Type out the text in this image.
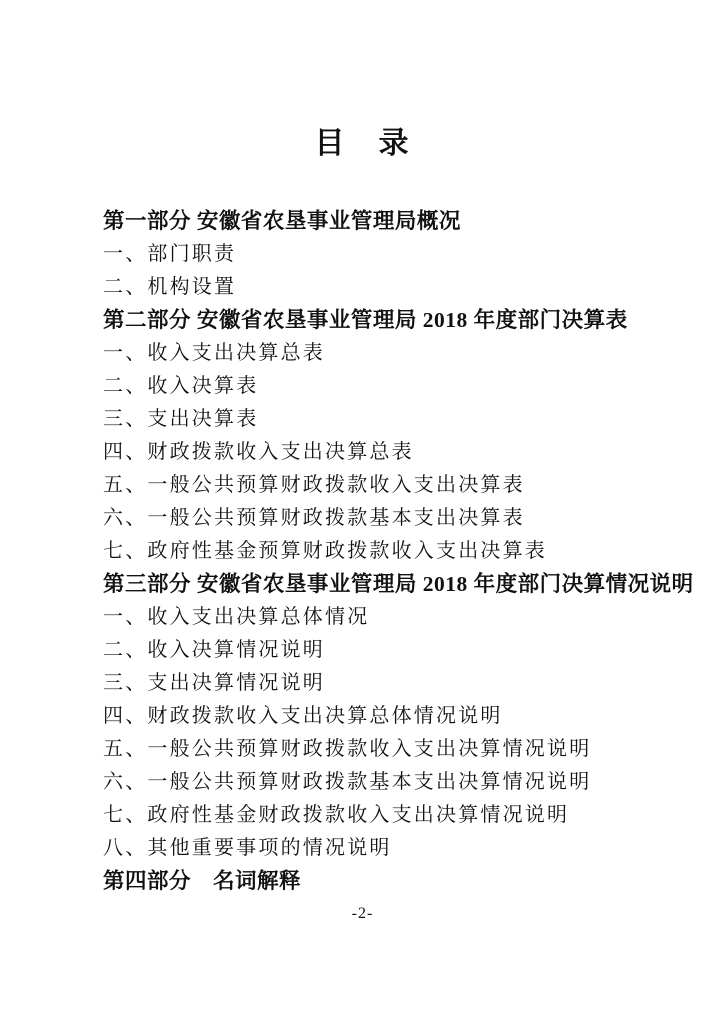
目　录
第一部分 安徽省农垦事业管理局概况
一、部门职责
二、机构设置
第二部分 安徽省农垦事业管理局 2018 年度部门决算表
一、收入支出决算总表
二、收入决算表
三、支出决算表
四、财政拨款收入支出决算总表
五、一般公共预算财政拨款收入支出决算表
六、一般公共预算财政拨款基本支出决算表
七、政府性基金预算财政拨款收入支出决算表
第三部分 安徽省农垦事业管理局 2018 年度部门决算情况说明
一、收入支出决算总体情况
二、收入决算情况说明
三、支出决算情况说明
四、财政拨款收入支出决算总体情况说明
五、一般公共预算财政拨款收入支出决算情况说明
六、一般公共预算财政拨款基本支出决算情况说明
七、政府性基金财政拨款收入支出决算情况说明
八、其他重要事项的情况说明
第四部分　名词解释
-2-
